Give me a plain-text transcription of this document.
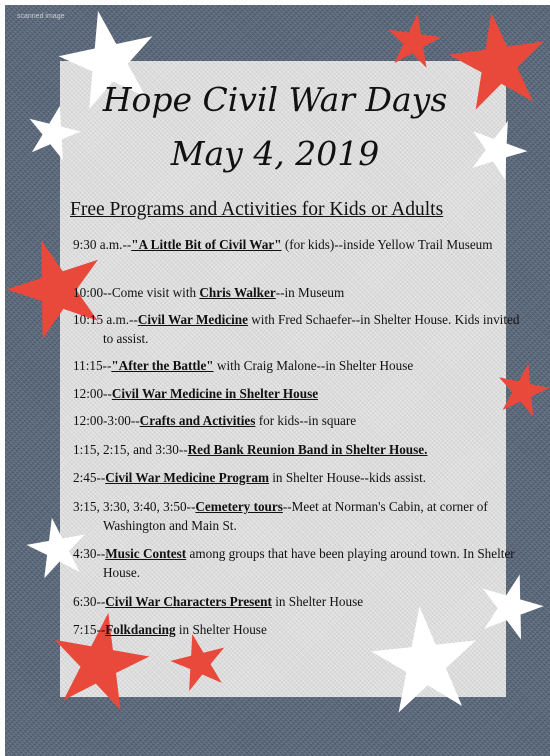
scanned image
Hope Civil War Days
May 4, 2019

Free Programs and Activities for Kids or Adults

9:30 a.m.--"A Little Bit of Civil War" (for kids)--inside Yellow Trail Museum

10:00--Come visit with Chris Walker--in Museum

10:15 a.m.--Civil War Medicine with Fred Schaefer--in Shelter House. Kids invited to assist.

11:15--"After the Battle" with Craig Malone--in Shelter House

12:00--Civil War Medicine in Shelter House

12:00-3:00--Crafts and Activities for kids--in square

1:15, 2:15, and 3:30--Red Bank Reunion Band in Shelter House.

2:45--Civil War Medicine Program in Shelter House--kids assist.

3:15, 3:30, 3:40, 3:50--Cemetery tours--Meet at Norman's Cabin, at corner of Washington and Main St.

4:30--Music Contest among groups that have been playing around town. In Shelter House.

6:30--Civil War Characters Present in Shelter House

7:15--Folkdancing in Shelter House
